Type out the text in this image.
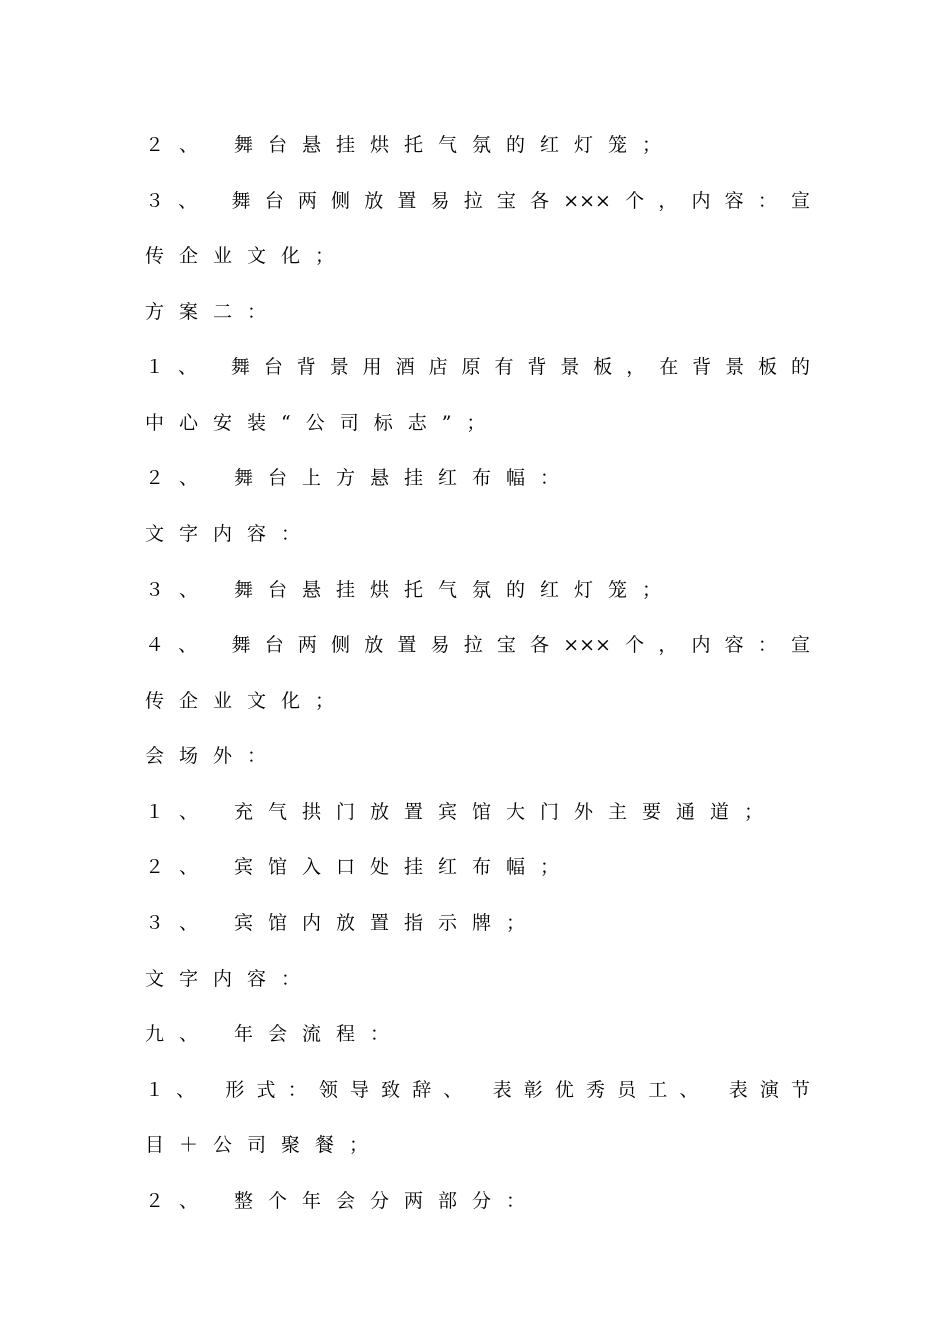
２、 舞台悬挂烘托气氛的红灯笼；
３、 舞台两侧放置易拉宝各×××个，内容：宣
传企业文化；
方案二：
１、 舞台背景用酒店原有背景板，在背景板的
中心安装“公司标志”；
２、 舞台上方悬挂红布幅：
文字内容：
３、 舞台悬挂烘托气氛的红灯笼；
４、 舞台两侧放置易拉宝各×××个，内容：宣
传企业文化；
会场外：
１、 充气拱门放置宾馆大门外主要通道；
２、 宾馆入口处挂红布幅；
３、 宾馆内放置指示牌；
文字内容：
九、 年会流程：
１、 形式：领导致辞、 表彰优秀员工、 表演节
目＋公司聚餐；
２、 整个年会分两部分：
